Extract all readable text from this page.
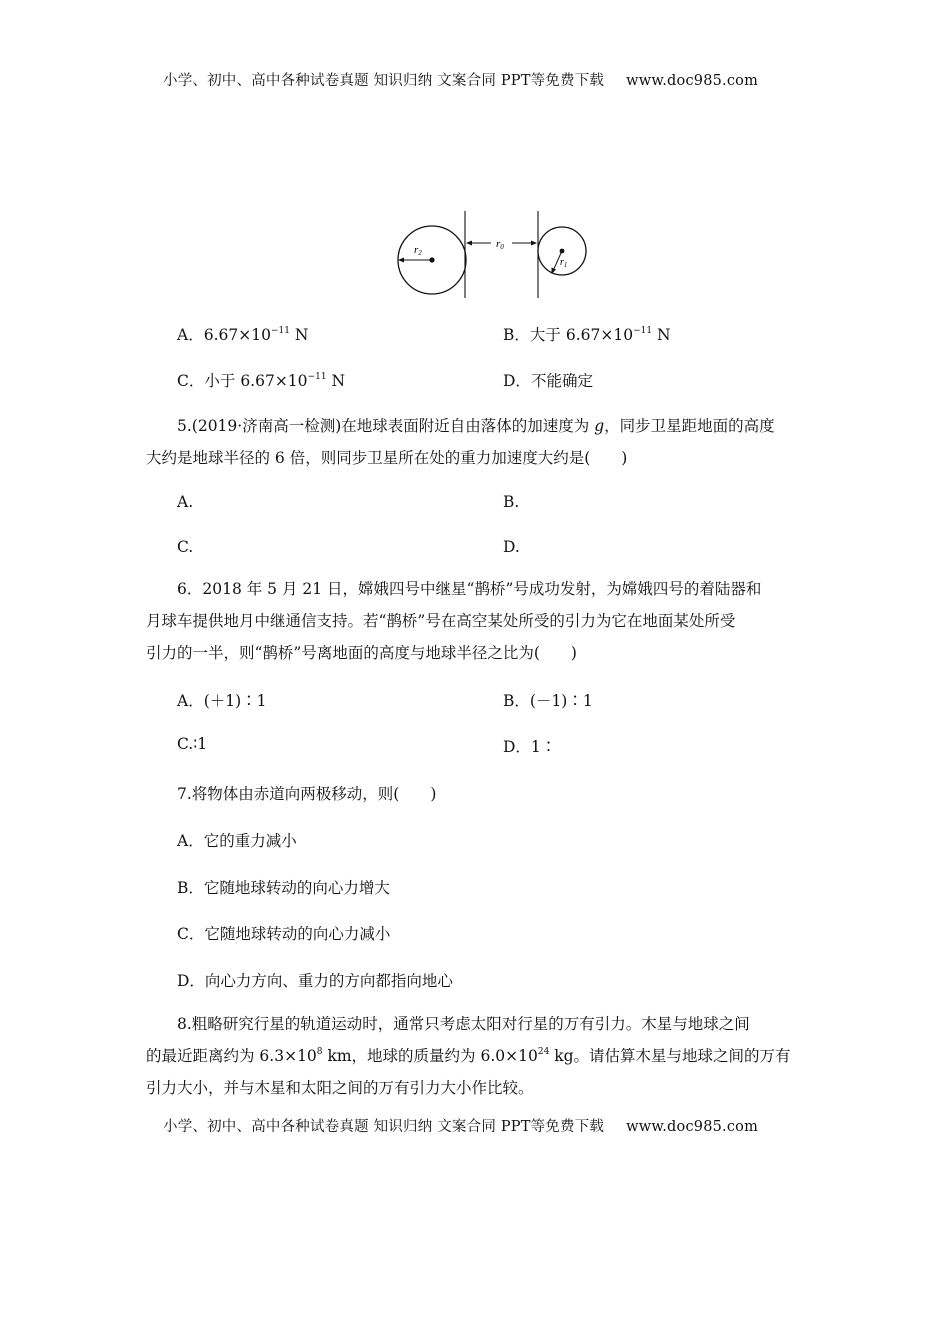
小学、初中、高中各种试卷真题 知识归纳 文案合同 PPT等免费下载 www.doc985.com
r2
r0
$r_1$
A．$6.67\times 10^{-11}$ N	B．大于 $6.67\times 10^{-11}$ N
C．小于 $6.67\times 10^{-11}$ N	D．不能确定
5.(2019·济南高一检测)在地球表面附近自由落体的加速度为 g，同步卫星距地面的高度
大约是地球半径的 6 倍，则同步卫星所在处的重力加速度大约是(　　)
A.	B.
C.	D.
6．2018 年 5 月 21 日，嫦娥四号中继星“鹊桥”号成功发射，为嫦娥四号的着陆器和
月球车提供地月中继通信支持。若“鹊桥”号在高空某处所受的引力为它在地面某处所受
引力的一半，则“鹊桥”号离地面的高度与地球半径之比为(　　)
A．(＋1)∶1	B．(－1)∶1
C.∶1	D．1∶
7.将物体由赤道向两极移动，则(　　)
A．它的重力减小
B．它随地球转动的向心力增大
C．它随地球转动的向心力减小
D．向心力方向、重力的方向都指向地心
8.粗略研究行星的轨道运动时，通常只考虑太阳对行星的万有引力。木星与地球之间
的最近距离约为 $6.3\times 10^8$ km，地球的质量约为 $6.0\times 10^{24}$ kg。请估算木星与地球之间的万有
引力大小，并与木星和太阳之间的万有引力大小作比较。
小学、初中、高中各种试卷真题 知识归纳 文案合同 PPT等免费下载 www.doc985.com
